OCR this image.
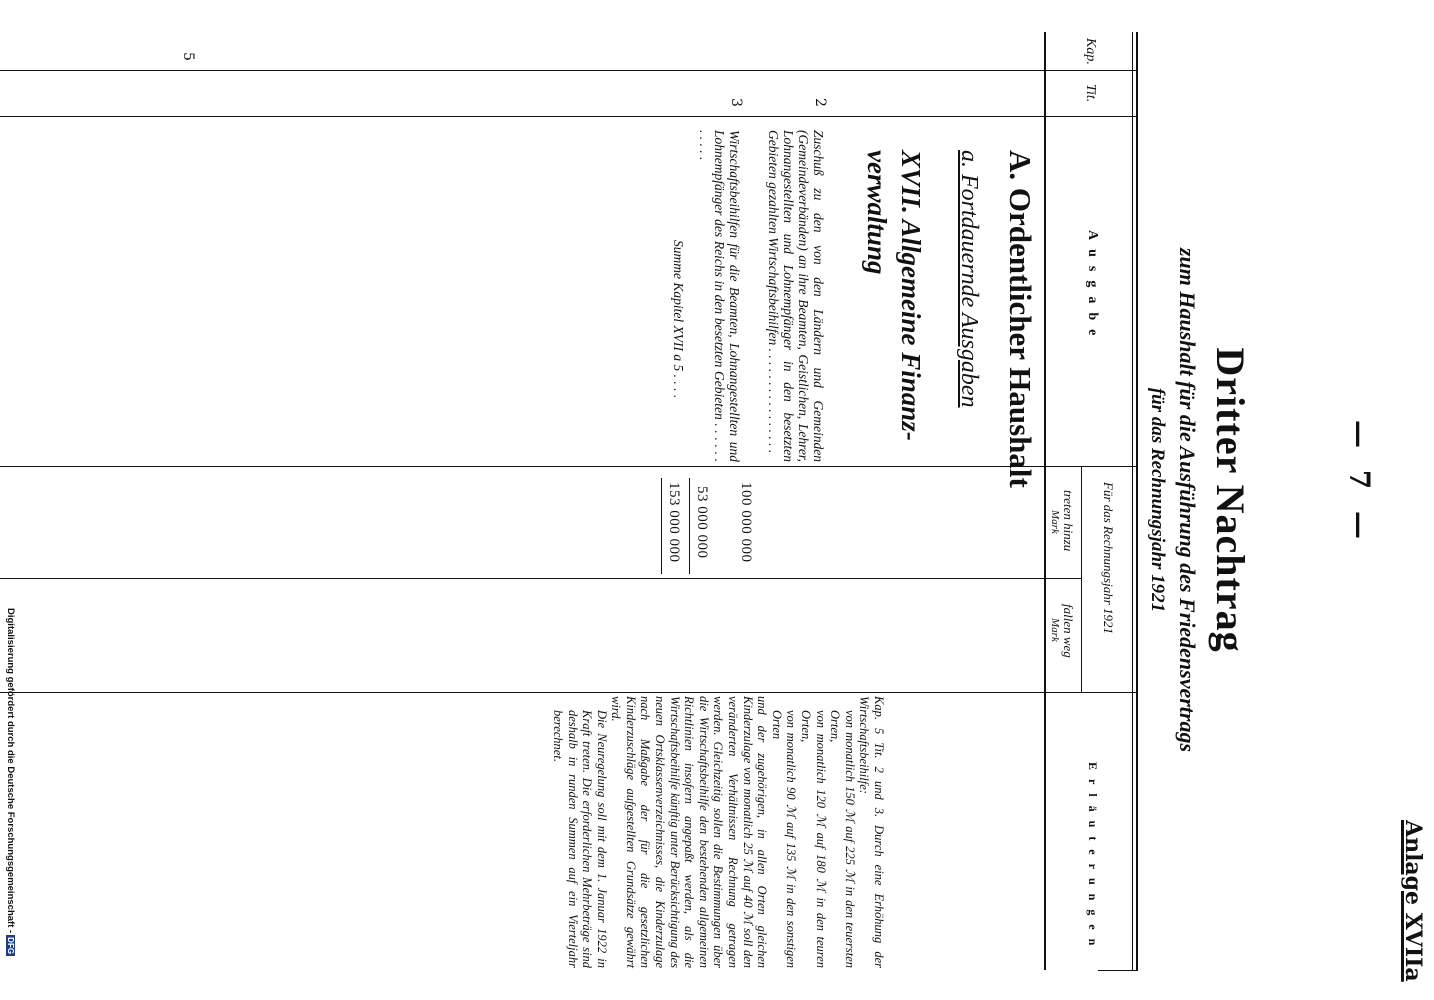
Anlage XVIIa
— 7 —
Dritter Nachtrag
zum Haushalt für die Ausführung des Friedensvertrags
für das Rechnungsjahr 1921
Kap.
Tit.
Ausgabe
Für das Rechnungsjahr 1921
treten hinzu
Mark
fallen weg
Mark
Erläuterungen
A. Ordentlicher Haushalt
a. Fortdauernde Ausgaben
XVII. Allgemeine Finanz-verwaltung
5
2
Zuschuß zu den von den Ländern und Gemeinden (Gemeindeverbänden) an ihre Beamten, Geistlichen, Lehrer, Lohnangestellten und Lohnempfänger in den besetzten Gebieten gezahlten Wirtschaftsbeihilfen . . . . . . . . . . . . . . . .
100 000 000
3
Wirtschaftsbeihilfen für die Beamten, Lohnangestellten und Lohnempfänger des Reichs in den besetzten Gebieten . . . . . . . . . . .
53 000 000
Summe Kapitel XVII a 5 . . . .
153 000 000

Kap. 5 Tit. 2 und 3. Durch eine Erhöhung der Wirtschaftsbeihilfe:

von monatlich 150 ℳ auf 225 ℳ in den teuersten Orten,

von monatlich 120 ℳ auf 180 ℳ in den teuren Orten,

von monatlich 90 ℳ auf 135 ℳ in den sonstigen Orten

und der zugehörigen, in allen Orten gleichen Kinderzulage von monatlich 25 ℳ auf 40 ℳ soll den veränderten Verhältnissen Rechnung getragen werden. Gleichzeitig sollen die Bestimmungen über die Wirtschaftsbeihilfe den bestehenden allgemeinen Richtlinien insofern angepaßt werden, als die Wirtschaftsbeihilfe künftig unter Berücksichtigung des neuen Ortsklassenverzeichnisses, die Kinderzulage nach Maßgabe der für die gesetzlichen Kinderzuschläge aufgestellten Grundsätze gewährt wird.

Die Neuregelung soll mit dem 1. Januar 1922 in Kraft treten. Die erforderlichen Mehrbeträge sind deshalb in runden Summen auf ein Vierteljahr berechnet.

Digitalisierung gefördert durch die Deutsche Forschungsgemeinschaft -DFG
